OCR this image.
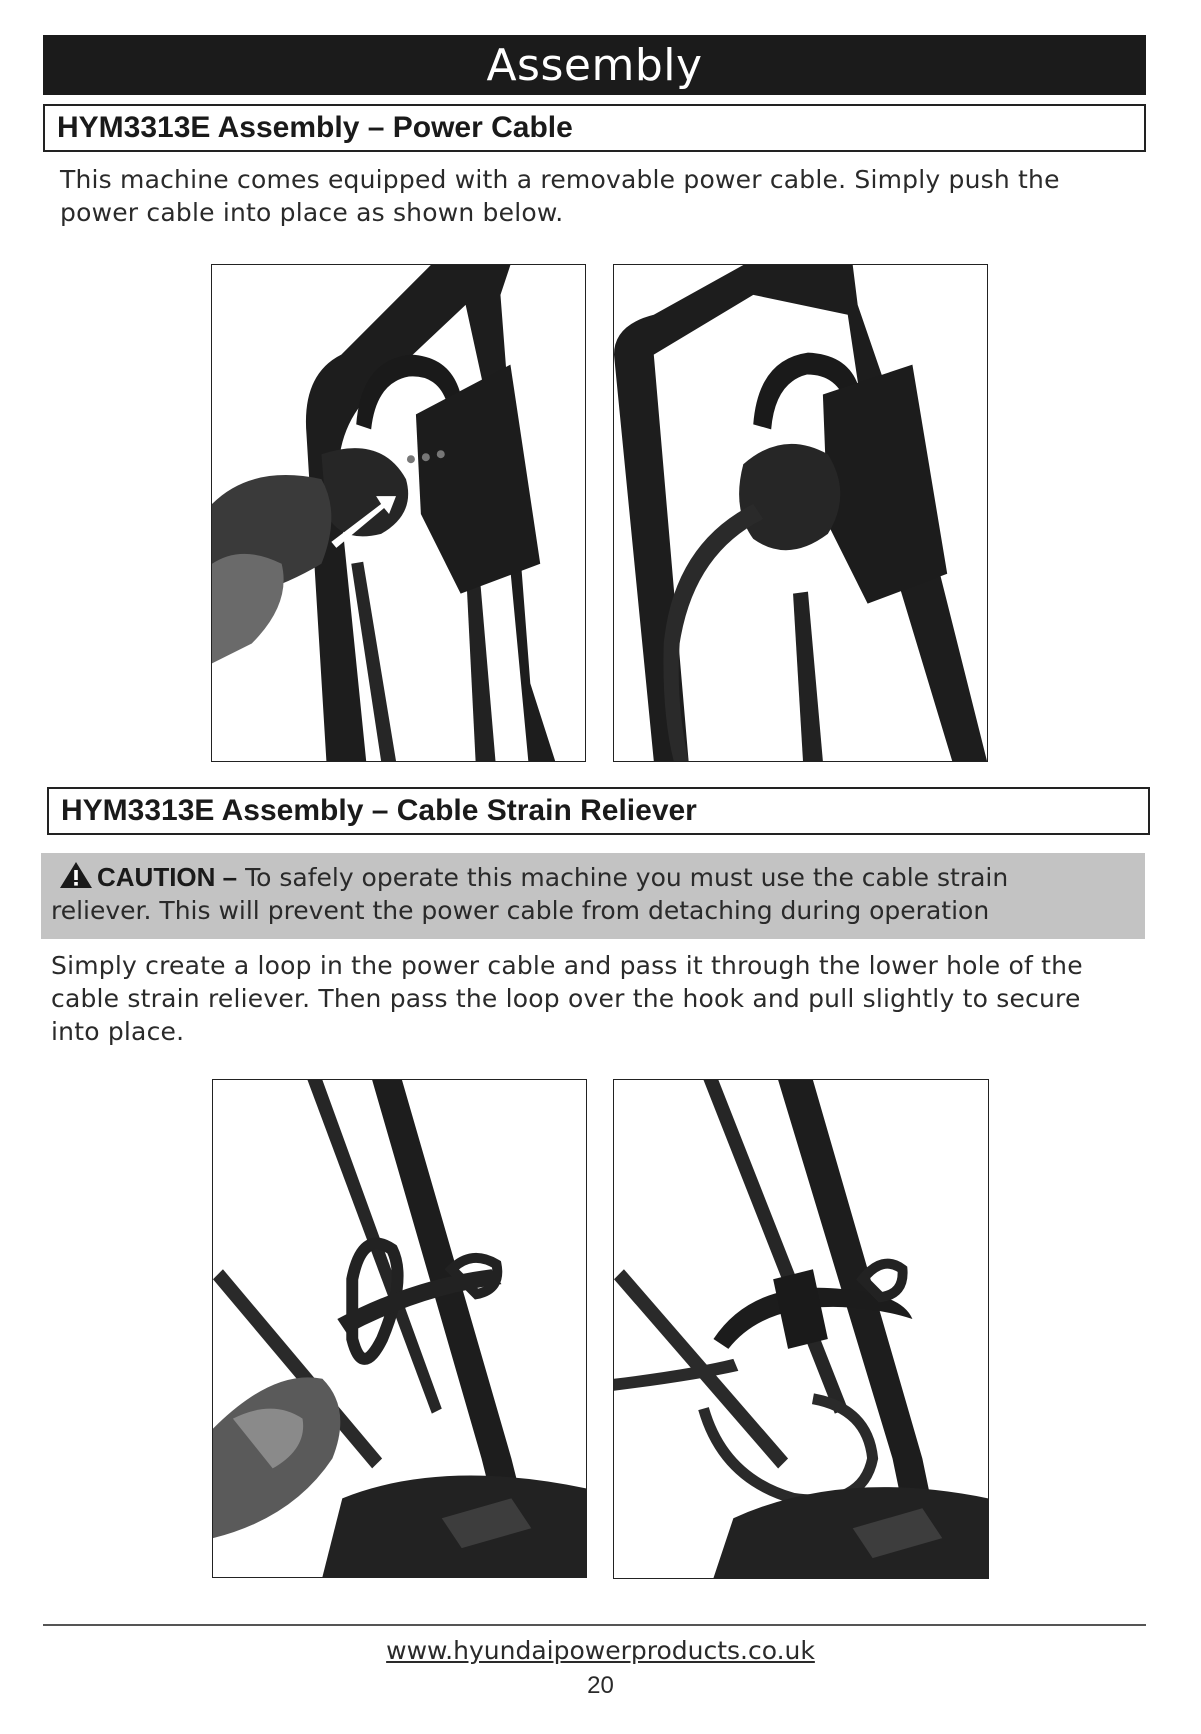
Assembly
HYM3313E Assembly – Power Cable
This machine comes equipped with a removable power cable. Simply push the
power cable into place as shown below.
HYM3313E Assembly – Cable Strain Reliever
CAUTION – To safely operate this machine you must use the cable strain
reliever. This will prevent the power cable from detaching during operation
Simply create a loop in the power cable and pass it through the lower hole of the
cable strain reliever. Then pass the loop over the hook and pull slightly to secure
into place.
www.hyundaipowerproducts.co.uk
20
